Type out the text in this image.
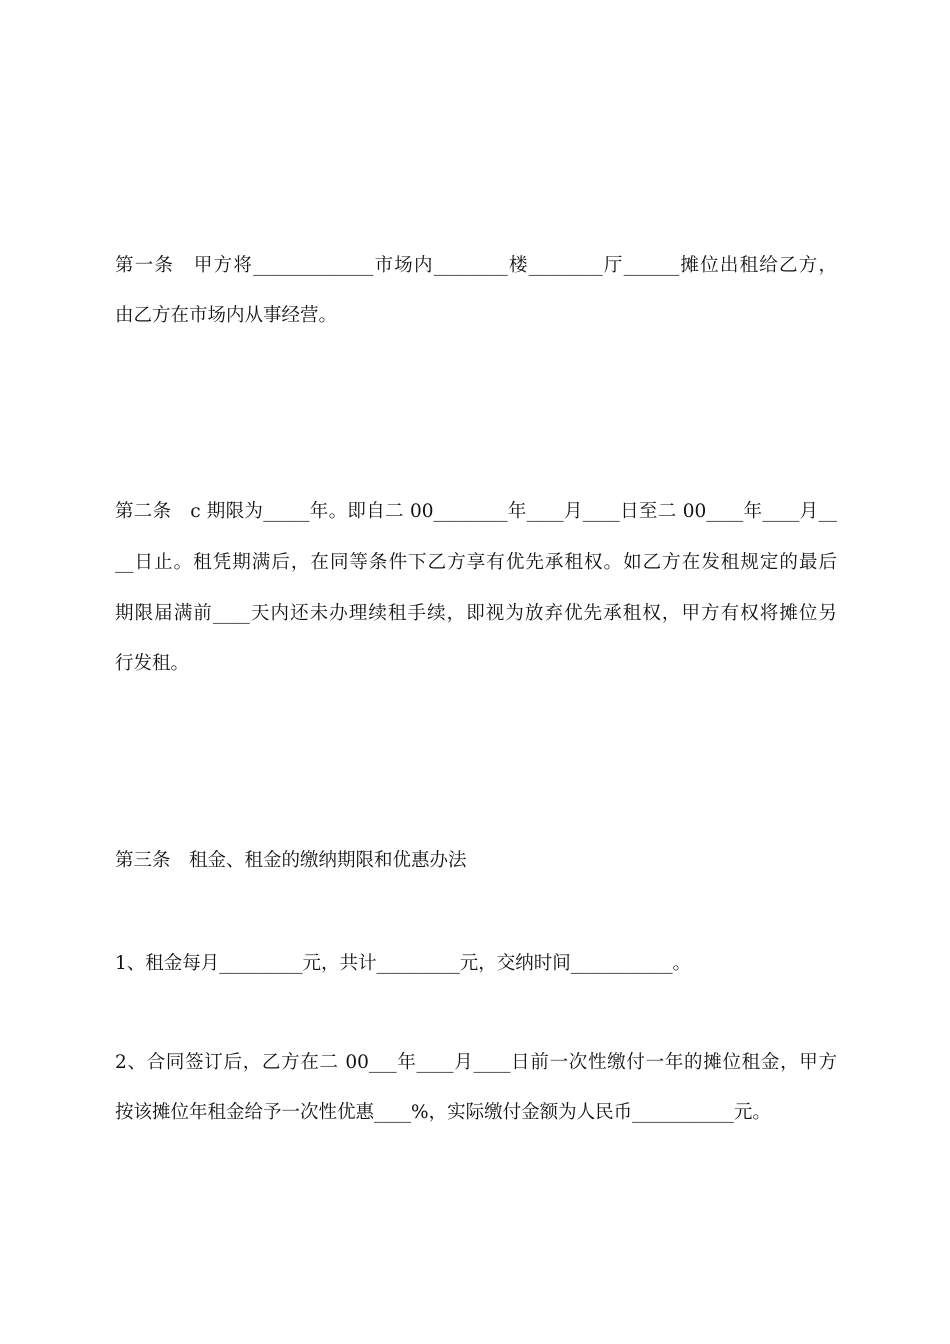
第一条　甲方将_____________市场内________楼________厅______摊位出租给乙方，
由乙方在市场内从事经营。
第二条　c 期限为_____年。即自二 00________年____月____日至二 00____年____月__
__日止。租凭期满后，在同等条件下乙方享有优先承租权。如乙方在发租规定的最后
期限届满前____天内还未办理续租手续，即视为放弃优先承租权，甲方有权将摊位另
行发租。
第三条　租金、租金的缴纳期限和优惠办法
1、租金每月_________元，共计_________元，交纳时间___________。
2、合同签订后，乙方在二 00___年____月____日前一次性缴付一年的摊位租金，甲方
按该摊位年租金给予一次性优惠____%，实际缴付金额为人民币___________元。
